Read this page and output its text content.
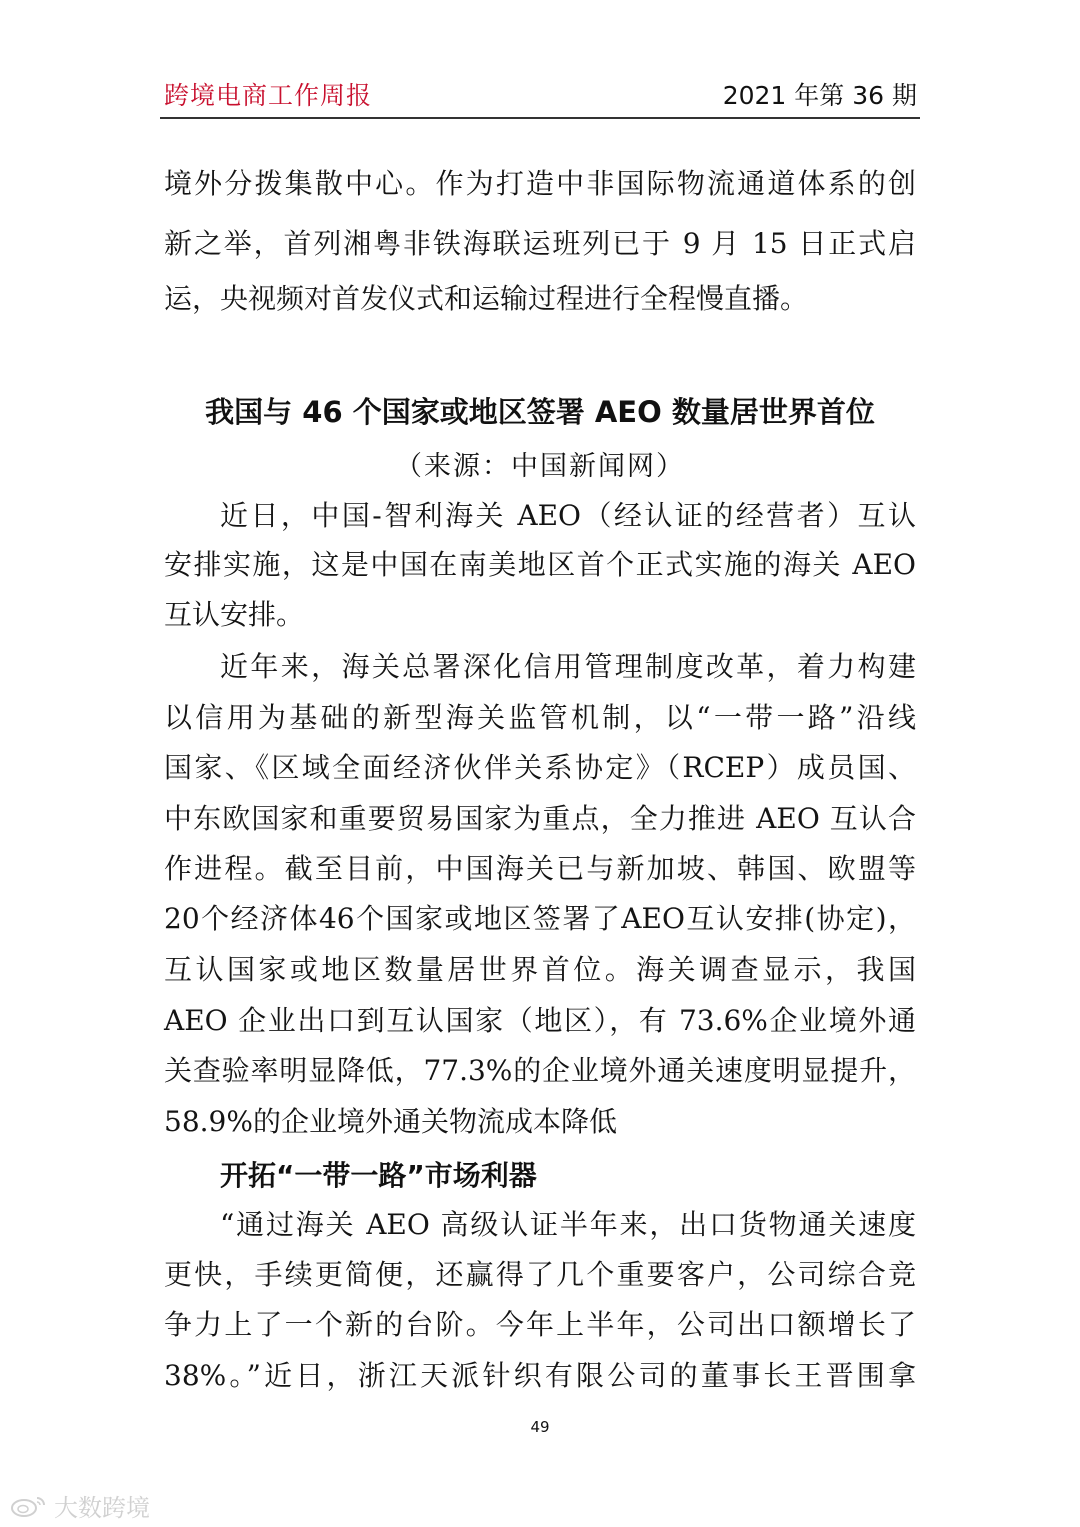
跨境电商工作周报	2021 年第 36 期
境外分拨集散中心。作为打造中非国际物流通道体系的创
新之举，首列湘粤非铁海联运班列已于 9 月 15 日正式启
运，央视频对首发仪式和运输过程进行全程慢直播。
我国与 46 个国家或地区签署 AEO 数量居世界首位
（来源：中国新闻网）
近日，中国-智利海关 AEO（经认证的经营者）互认
安排实施，这是中国在南美地区首个正式实施的海关 AEO
互认安排。
近年来，海关总署深化信用管理制度改革，着力构建
以信用为基础的新型海关监管机制，以“一带一路”沿线
国家、《区域全面经济伙伴关系协定》（RCEP）成员国、
中东欧国家和重要贸易国家为重点，全力推进 AEO 互认合
作进程。截至目前，中国海关已与新加坡、韩国、欧盟等
20个经济体46个国家或地区签署了AEO互认安排(协定)，
互认国家或地区数量居世界首位。海关调查显示，我国
AEO 企业出口到互认国家（地区），有 73.6%企业境外通
关查验率明显降低，77.3%的企业境外通关速度明显提升，
58.9%的企业境外通关物流成本降低
开拓“一带一路”市场利器
“通过海关 AEO 高级认证半年来，出口货物通关速度
更快，手续更简便，还赢得了几个重要客户，公司综合竞
争力上了一个新的台阶。今年上半年，公司出口额增长了
38%。”近日，浙江天派针织有限公司的董事长王晋围拿
49
大数跨境
